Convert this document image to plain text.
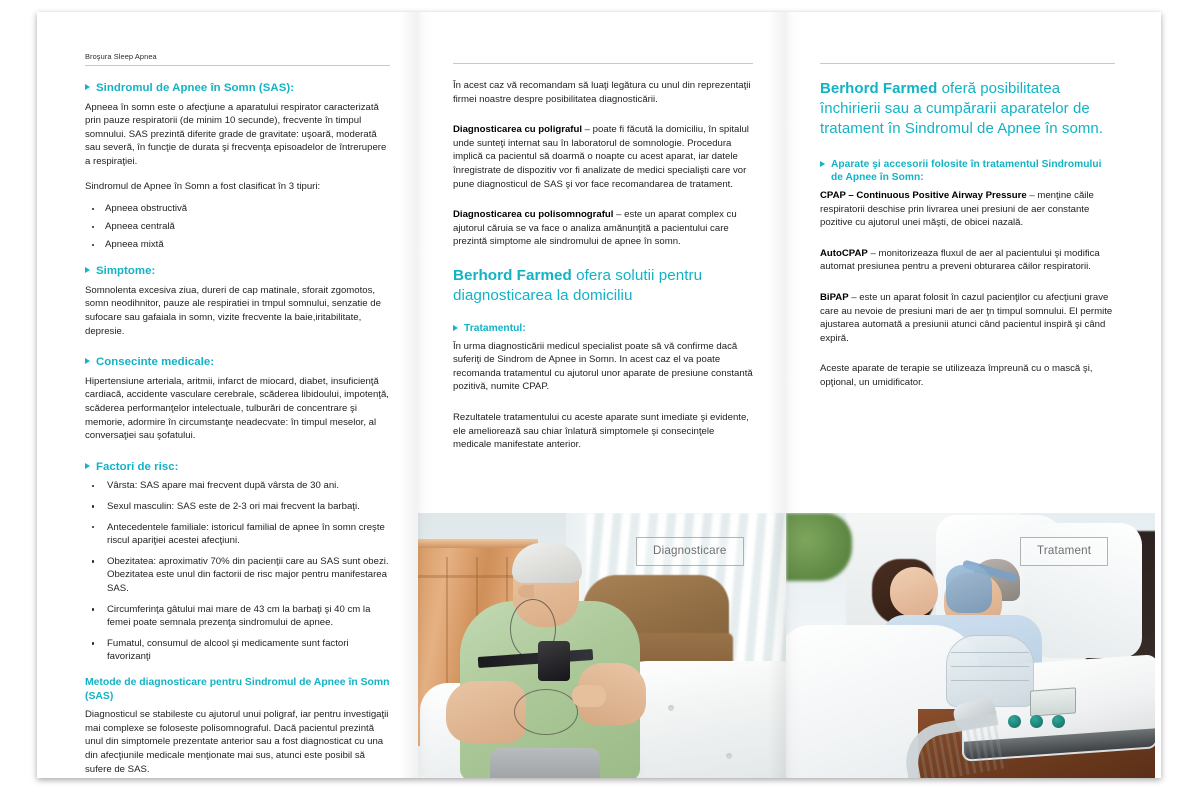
Broşura Sleep Apnea
Sindromul de Apnee în Somn (SAS):

Apneea în somn este o afecţiune a aparatului respirator caracterizată prin pauze respiratorii (de minim 10 secunde), frecvente în timpul somnului. SAS prezintă diferite grade de gravitate: uşoară, moderată sau severă, în funcţie de durata şi frecvenţa episoadelor de întrerupere a respiraţiei.

Sindromul de Apnee în Somn a fost clasificat în 3 tipuri:

Apneea obstructivă
Apneea centrală
Apneea mixtă
Simptome:

Somnolenta excesiva ziua, dureri de cap matinale, sforait zgomotos, somn neodihnitor, pauze ale respiratiei in tmpul somnului, senzatie de sufocare sau gafaiala in somn, vizite frecvente la baie,iritabilitate, depresie.

Consecinte medicale:

Hipertensiune arteriala, aritmii, infarct de miocard, diabet, insuficienţă cardiacă, accidente vasculare cerebrale, scăderea libidoului, impotenţă, scăderea performanţelor intelectuale, tulburări de concentrare şi memorie, adormire în circumstanţe neadecvate: în timpul meselor, al conversaţiei sau şofatului.

Factori de risc:
Vârsta: SAS apare mai frecvent după vârsta de 30 ani.
Sexul masculin: SAS este de 2-3 ori mai frecvent la barbaţi.
Antecedentele familiale: istoricul familial de apnee în somn creşte riscul apariţiei acestei afecţiuni.
Obezitatea: aproximativ 70% din pacienţii care au SAS sunt obezi. Obezitatea este unul din factorii de risc major pentru manifestarea SAS.
Circumferinţa gâtului mai mare de 43 cm la barbaţi şi 40 cm la femei poate semnala prezenţa sindromului de apnee.
Fumatul, consumul de alcool şi medicamente sunt factori favorizanţi
Metode de diagnosticare pentru Sindromul de Apnee în Somn (SAS)

Diagnosticul se stabileste cu ajutorul unui poligraf, iar pentru investigaţii mai complexe se foloseste polisomnograful. Dacă pacientul prezintă unul din simptomele prezentate anterior sau a fost diagnosticat cu una din afecţiunile medicale menţionate mai sus, atunci este posibil să sufere de SAS.

În acest caz vă recomandam să luaţi legătura cu unul din reprezentaţii firmei noastre despre posibilitatea diagnosticării.

Diagnosticarea cu poligraful – poate fi făcută la domiciliu, în spitalul unde sunteţi internat sau în laboratorul de somnologie. Procedura implică ca pacientul să doarmă o noapte cu acest aparat, iar datele înregistrate de dispozitiv vor fi analizate de medici specialişti care vor pune diagnosticul de SAS şi vor face recomandarea de tratament.

Diagnosticarea cu polisomnograful – este un aparat complex cu ajutorul căruia se va face o analiza amănunţită a pacientului care prezintă simptome ale sindromului de apnee în somn.

Berhord Farmed ofera solutii pentru diagnosticarea la domiciliu
Tratamentul:

În urma diagnosticării medicul specialist poate să vă confirme dacă suferiţi de Sindrom de Apnee in Somn. In acest caz el va poate recomanda tratamentul cu ajutorul unor aparate de presiune constantă pozitivă, numite CPAP.

Rezultatele tratamentului cu aceste aparate sunt imediate şi evidente, ele ameliorează sau chiar înlatură simptomele şi consecinţele medicale manifestate anterior.

Berhord Farmed oferă posibilitatea închirierii sau a cumpărarii aparatelor de tratament în Sindromul de Apnee în somn.
Aparate şi accesorii folosite în tratamentul Sindromului de Apnee în Somn:

CPAP – Continuous Positive Airway Pressure – menţine căile respiratorii deschise prin livrarea unei presiuni de aer constante pozitive cu ajutorul unei măşti, de obicei nazală.

AutoCPAP – monitorizeaza fluxul de aer al pacientului şi modifica automat presiunea pentru a preveni obturarea căilor respiratorii.

BiPAP – este un aparat folosit în cazul pacienţilor cu afecţiuni grave care au nevoie de presiuni mari de aer ţn timpul somnului. El permite ajustarea automată a presiunii atunci când pacientul inspiră şi când expiră.

Aceste aparate de terapie se utilizeaza împreună cu o mască şi, opţional, un umidificator.

Diagnosticare	Tratament
